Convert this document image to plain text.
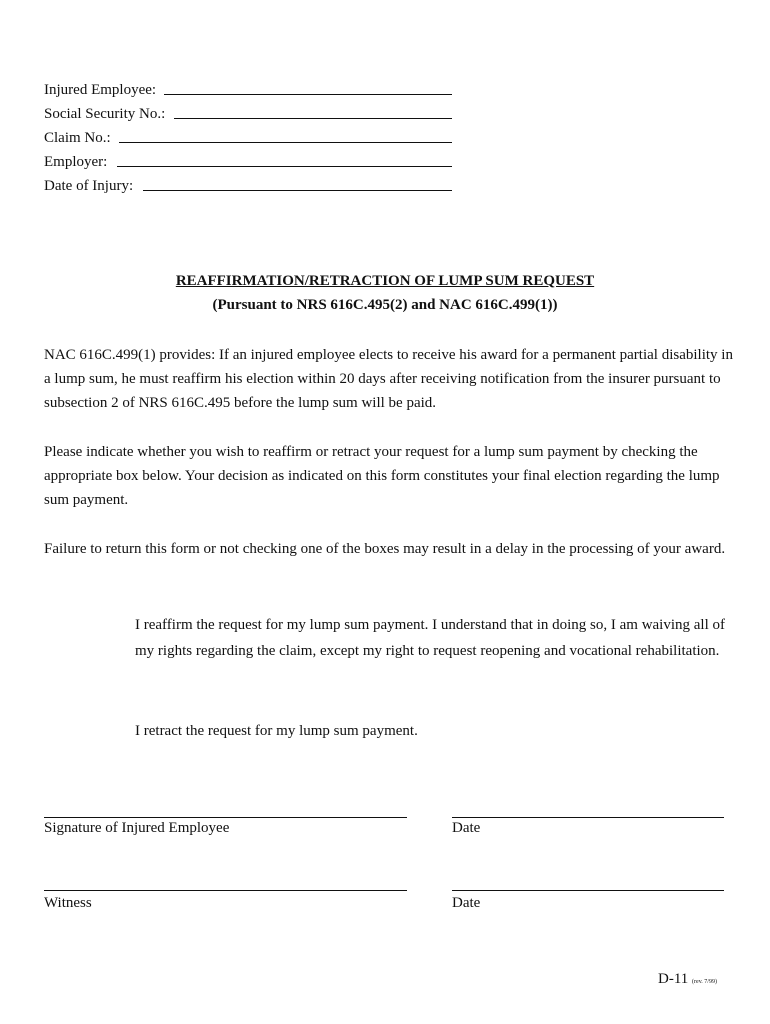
Injured Employee:
Social Security No.:
Claim No.:
Employer:
Date of Injury:
REAFFIRMATION/RETRACTION OF LUMP SUM REQUEST
(Pursuant to NRS 616C.495(2) and NAC 616C.499(1))
NAC 616C.499(1) provides: If an injured employee elects to receive his award for a permanent partial disability in a lump sum, he must reaffirm his election within 20 days after receiving notification from the insurer pursuant to subsection 2 of NRS 616C.495 before the lump sum will be paid.
Please indicate whether you wish to reaffirm or retract your request for a lump sum payment by checking the appropriate box below. Your decision as indicated on this form constitutes your final election regarding the lump sum payment.
Failure to return this form or not checking one of the boxes may result in a delay in the processing of your award.
I reaffirm the request for my lump sum payment. I understand that in doing so, I am waiving all of my rights regarding the claim, except my right to request reopening and vocational rehabilitation.
I retract the request for my lump sum payment.
Signature of Injured Employee	Date
Witness	Date
D-11 (rev. 7/99)
